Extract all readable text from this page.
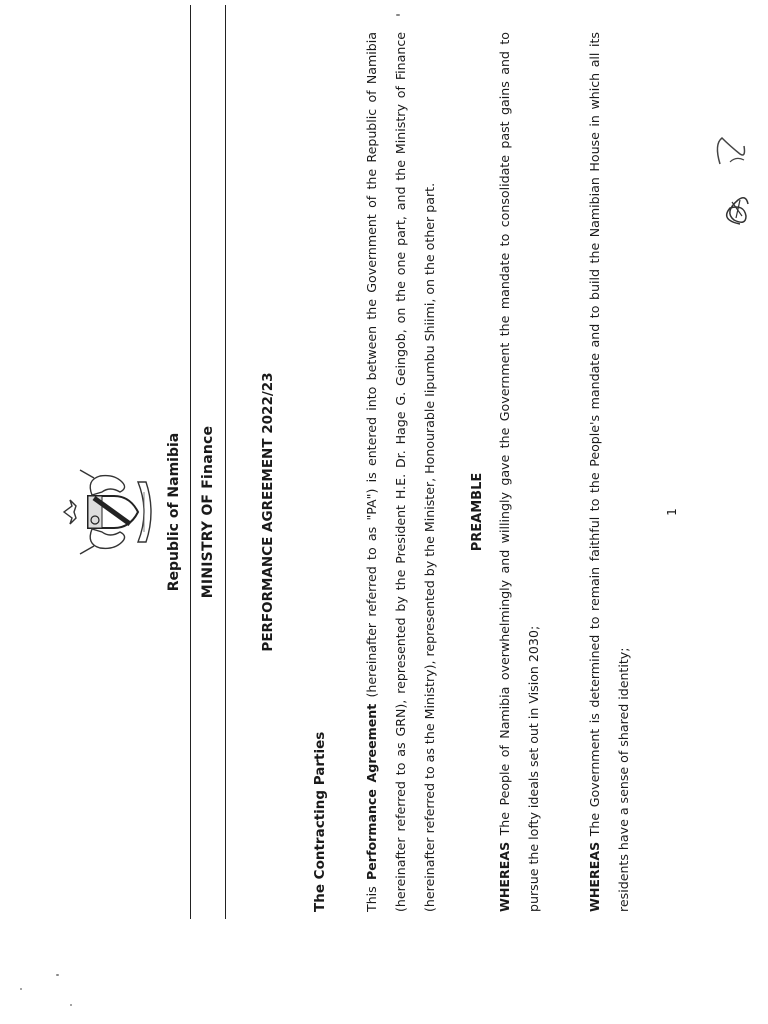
Republic of Namibia MINISTRY OF Finance	PERFORMANCE AGREEMENT 2022/23
The Contracting Parties	This Performance Agreement (hereinafter referred to as "PA") is entered into between the Government of the Republic of Namibia (hereinafter referred to as GRN), represented by the President H.E. Dr. Hage G. Geingob, on the one part, and the Ministry of Finance (hereinafter referred to as the Ministry), represented by the Minister, Honourable Iipumbu Shiimi, on the other part.	PREAMBLE
WHEREAS The People of Namibia overwhelmingly and willingly gave the Government the mandate to consolidate past gains and to pursue the lofty ideals set out in Vision 2030;	WHEREAS The Government is determined to remain faithful to the People's mandate and to build the Namibian House in which all its residents have a sense of shared identity;
1
